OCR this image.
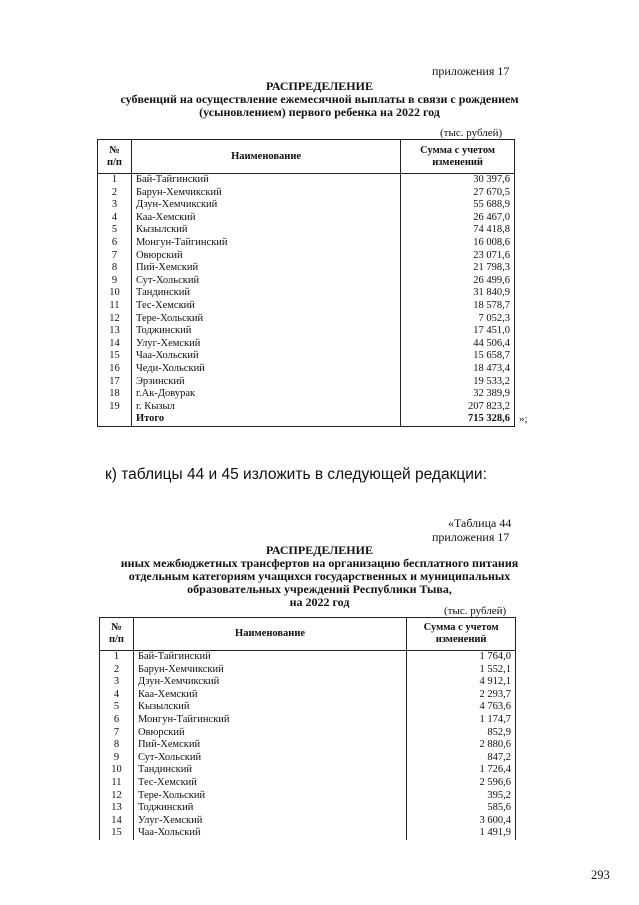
приложения 17
РАСПРЕДЕЛЕНИЕ
субвенций на осуществление ежемесячной выплаты в связи с рождением
(усыновлением) первого ребенка на 2022 год
(тыс. рублей)
№
п/п	Наименование	Сумма с учетом
изменений
1	Бай-Тайгинский	30 397,6
2	Барун-Хемчикский	27 670,5
3	Дзун-Хемчикский	55 688,9
4	Каа-Хемский	26 467,0
5	Кызылский	74 418,8
6	Монгун-Тайгинский	16 008,6
7	Овюрский	23 071,6
8	Пий-Хемский	21 798,3
9	Сут-Хольский	26 499,6
10	Тандинский	31 840,9
11	Тес-Хемский	18 578,7
12	Тере-Хольский	7 052,3
13	Тоджинский	17 451,0
14	Улуг-Хемский	44 506,4
15	Чаа-Хольский	15 658,7
16	Чеди-Хольский	18 473,4
17	Эрзинский	19 533,2
18	г.Ак-Довурак	32 389,9
19	г. Кызыл	207 823,2
	Итого	715 328,6 »;
к) таблицы 44 и 45 изложить в следующей редакции:
«Таблица 44
приложения 17
РАСПРЕДЕЛЕНИЕ
иных межбюджетных трансфертов на организацию бесплатного питания
отдельным категориям учащихся государственных и муниципальных
образовательных учреждений Республики Тыва,
на 2022 год
(тыс. рублей)
№
п/п	Наименование	Сумма с учетом
изменений
1	Бай-Тайгинский	1 764,0
2	Барун-Хемчикский	1 552,1
3	Дзун-Хемчикский	4 912,1
4	Каа-Хемский	2 293,7
5	Кызылский	4 763,6
6	Монгун-Тайгинский	1 174,7
7	Овюрский	852,9
8	Пий-Хемский	2 880,6
9	Сут-Хольский	847,2
10	Тандинский	1 726,4
11	Тес-Хемский	2 596,6
12	Тере-Хольский	395,2
13	Тоджинский	585,6
14	Улуг-Хемский	3 600,4
15	Чаа-Хольский	1 491,9
293
